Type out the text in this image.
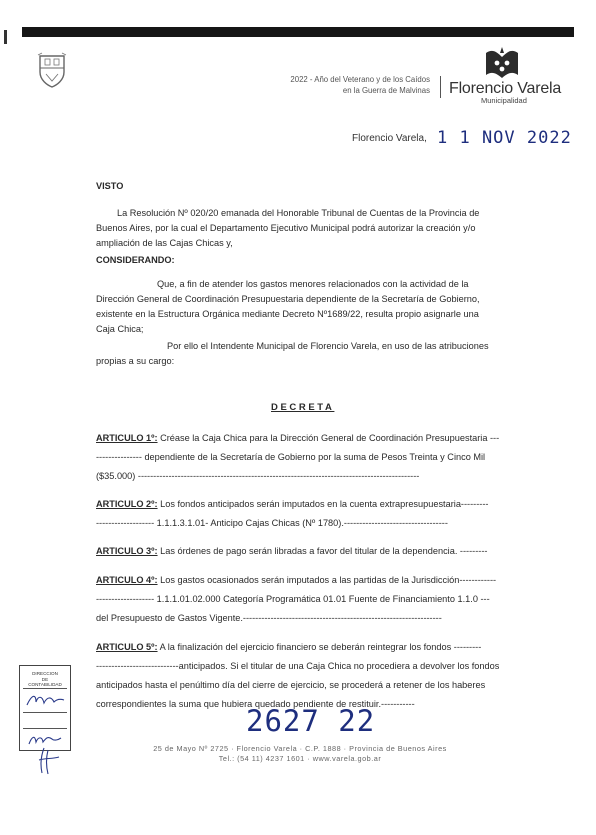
2022 - Año del Veterano y de los Caídos
en la Guerra de Malvinas Florencio Varela
Municipalidad
Florencio Varela, 1 1 NOV 2022
VISTO
La Resolución Nº 020/20 emanada del Honorable Tribunal de Cuentas de la Provincia de
Buenos Aires, por la cual el Departamento Ejecutivo Municipal podrá autorizar la creación y/o
ampliación de las Cajas Chicas y,
CONSIDERANDO:
Que, a fin de atender los gastos menores relacionados con la actividad de la
Dirección General de Coordinación Presupuestaria dependiente de la Secretaría de Gobierno,
existente en la Estructura Orgánica mediante Decreto Nº1689/22, resulta propio asignarle una
Caja Chica;
Por ello el Intendente Municipal de Florencio Varela, en uso de las atribuciones
propias a su cargo:
DECRETA
ARTICULO 1º: Créase la Caja Chica para la Dirección General de Coordinación Presupuestaria ---
--------------- dependiente de la Secretaría de Gobierno por la suma de Pesos Treinta y Cinco Mil
($35.000) --------------------------------------------------------------------------------------------
ARTICULO 2º: Los fondos anticipados serán imputados en la cuenta extrapresupuestaria---------
------------------- 1.1.1.3.1.01- Anticipo Cajas Chicas (Nº 1780).----------------------------------
ARTICULO 3º: Las órdenes de pago serán libradas a favor del titular de la dependencia. ---------
ARTICULO 4º: Los gastos ocasionados serán imputados a las partidas de la Jurisdicción------------
------------------- 1.1.1.01.02.000 Categoría Programática 01.01 Fuente de Financiamiento 1.1.0 ---
del Presupuesto de Gastos Vigente.-----------------------------------------------------------------
ARTICULO 5º: A la finalización del ejercicio financiero se deberán reintegrar los fondos ---------
---------------------------anticipados. Si el titular de una Caja Chica no procediera a devolver los fondos
anticipados hasta el penúltimo día del cierre de ejercicio, se procederá a retener de los haberes
correspondientes la suma que hubiera quedado pendiente de restituir.-----------
DIRECCION
DE
CONTABILIDAD
2627 22
25 de Mayo Nº 2725 · Florencio Varela · C.P. 1888 · Provincia de Buenos Aires
Tel.: (54 11) 4237 1601 · www.varela.gob.ar
